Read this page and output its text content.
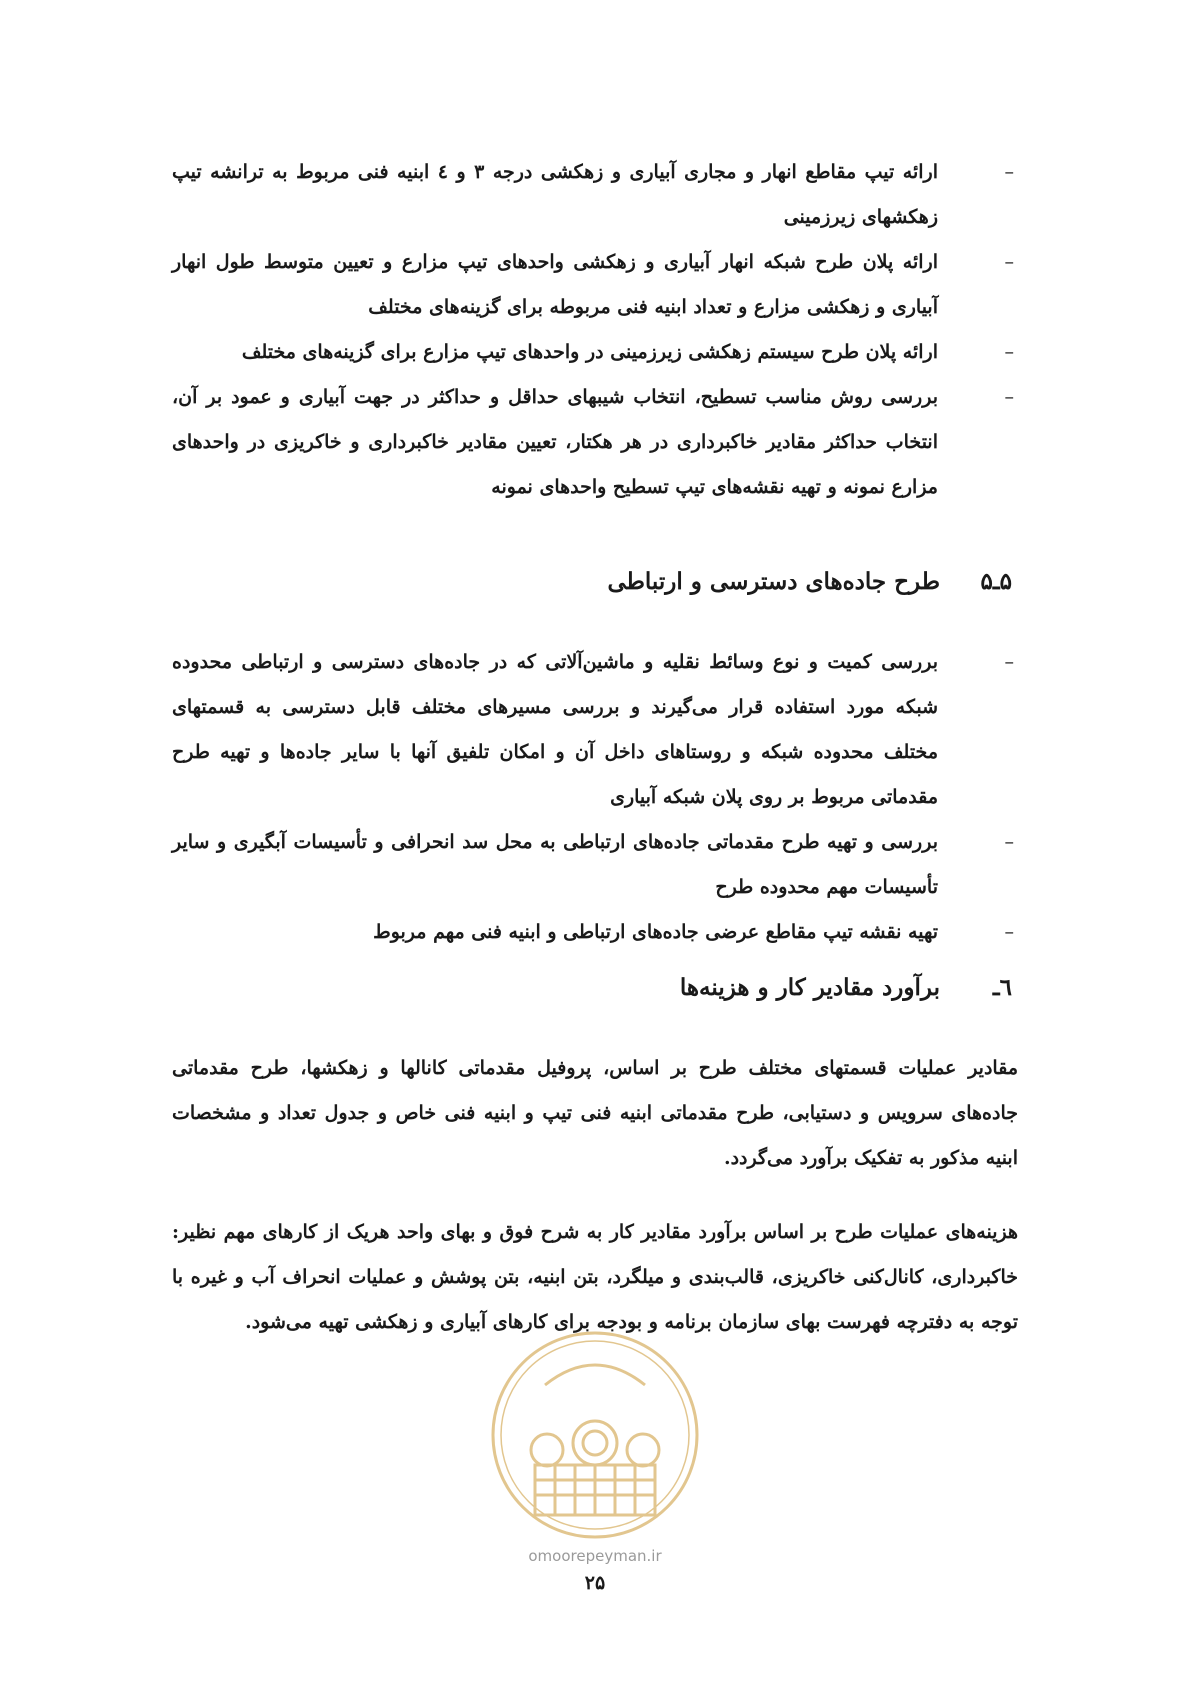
–
ارائه تیپ مقاطع انهار و مجاری آبیاری و زهکشی درجه ۳ و ٤ ابنیه فنی مربوط به ترانشه تیپ زهکشهای زیرزمینی
–
ارائه پلان طرح شبکه انهار آبیاری و زهکشی واحدهای تیپ مزارع و تعیین متوسط طول انهار آبیاری و زهکشی مزارع و تعداد ابنیه فنی مربوطه برای گزینه‌های مختلف
–
ارائه پلان طرح سیستم زهکشی زیرزمینی در واحدهای تیپ مزارع برای گزینه‌های مختلف
–
بررسی روش مناسب تسطیح، انتخاب شیبهای حداقل و حداکثر در جهت آبیاری و عمود بر آن، انتخاب حداکثر مقادیر خاکبرداری در هر هکتار، تعیین مقادیر خاکبرداری و خاکریزی در واحدهای مزارع نمونه و تهیه نقشه‌های تیپ تسطیح واحدهای نمونه
۵ـ۵طرح جاده‌های دسترسی و ارتباطی
–
بررسی کمیت و نوع وسائط نقلیه و ماشین‌آلاتی که در جاده‌های دسترسی و ارتباطی محدوده شبکه مورد استفاده قرار می‌گیرند و بررسی مسیرهای مختلف قابل دسترسی به قسمتهای مختلف محدوده شبکه و روستاهای داخل آن و امکان تلفیق آنها با سایر جاده‌ها و تهیه طرح مقدماتی مربوط بر روی پلان شبکه آبیاری
–
بررسی و تهیه طرح مقدماتی جاده‌های ارتباطی به محل سد انحرافی و تأسیسات آبگیری و سایر تأسیسات مهم محدوده طرح
–
تهیه نقشه تیپ مقاطع عرضی جاده‌های ارتباطی و ابنیه فنی مهم مربوط
٦ـبرآورد مقادیر کار و هزینه‌ها

مقادیر عملیات قسمتهای مختلف طرح بر اساس، پروفیل مقدماتی کانالها و زهکشها، طرح مقدماتی جاده‌های سرویس و دستیابی، طرح مقدماتی ابنیه فنی تیپ و ابنیه فنی خاص و جدول تعداد و مشخصات ابنیه مذکور به تفکیک برآورد می‌گردد.

هزینه‌های عملیات طرح بر اساس برآورد مقادیر کار به شرح فوق و بهای واحد هریک از کارهای مهم نظیر: خاکبرداری، کانال‌کنی خاکریزی، قالب‌بندی و میلگرد، بتن ابنیه، بتن پوشش و عملیات انحراف آب و غیره با توجه به دفترچه فهرست بهای سازمان برنامه و بودجه برای کارهای آبیاری و زهکشی تهیه می‌شود.

omoorepeyman.ir
۲۵
